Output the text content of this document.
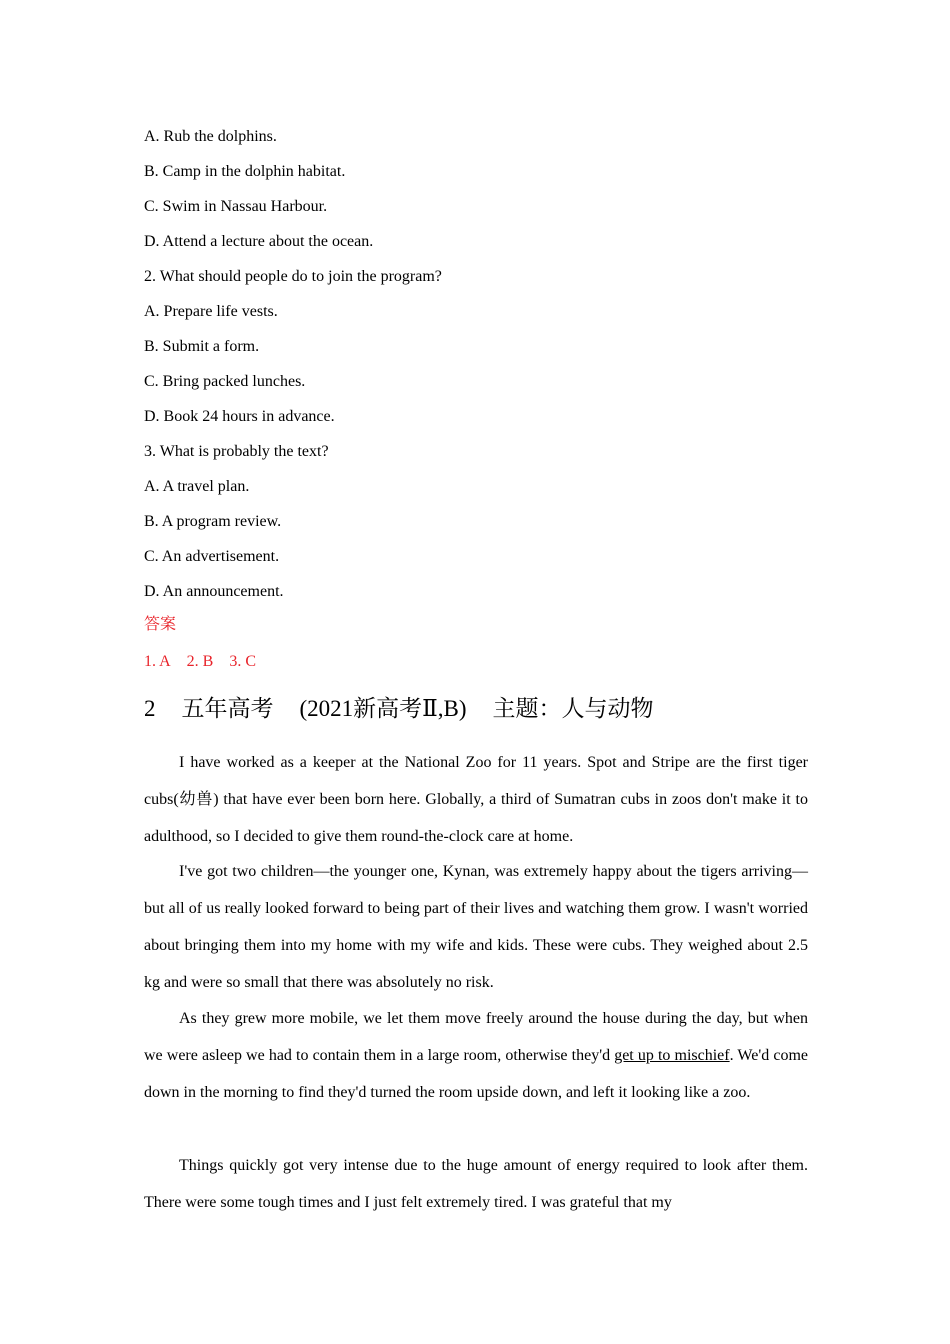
A. Rub the dolphins.
B. Camp in the dolphin habitat.
C. Swim in Nassau Harbour.
D. Attend a lecture about the ocean.
2. What should people do to join the program?
A. Prepare life vests.
B. Submit a form.
C. Bring packed lunches.
D. Book 24 hours in advance.
3. What is probably the text?
A. A travel plan.
B. A program review.
C. An advertisement.
D. An announcement.
答案
1. A 2. B 3. C
2 五年高考 (2021新高考Ⅱ,B) 主题：人与动物
I have worked as a keeper at the National Zoo for 11 years. Spot and Stripe are the first tiger cubs(幼兽) that have ever been born here. Globally, a third of Sumatran cubs in zoos don't make it to adulthood, so I decided to give them round-the-clock care at home.
I've got two children—the younger one, Kynan, was extremely happy about the tigers arriving—but all of us really looked forward to being part of their lives and watching them grow. I wasn't worried about bringing them into my home with my wife and kids. These were cubs. They weighed about 2.5 kg and were so small that there was absolutely no risk.
As they grew more mobile, we let them move freely around the house during the day, but when we were asleep we had to contain them in a large room, otherwise they'd get up to mischief. We'd come down in the morning to find they'd turned the room upside down, and left it looking like a zoo.
Things quickly got very intense due to the huge amount of energy required to look after them. There were some tough times and I just felt extremely tired. I was grateful that my
